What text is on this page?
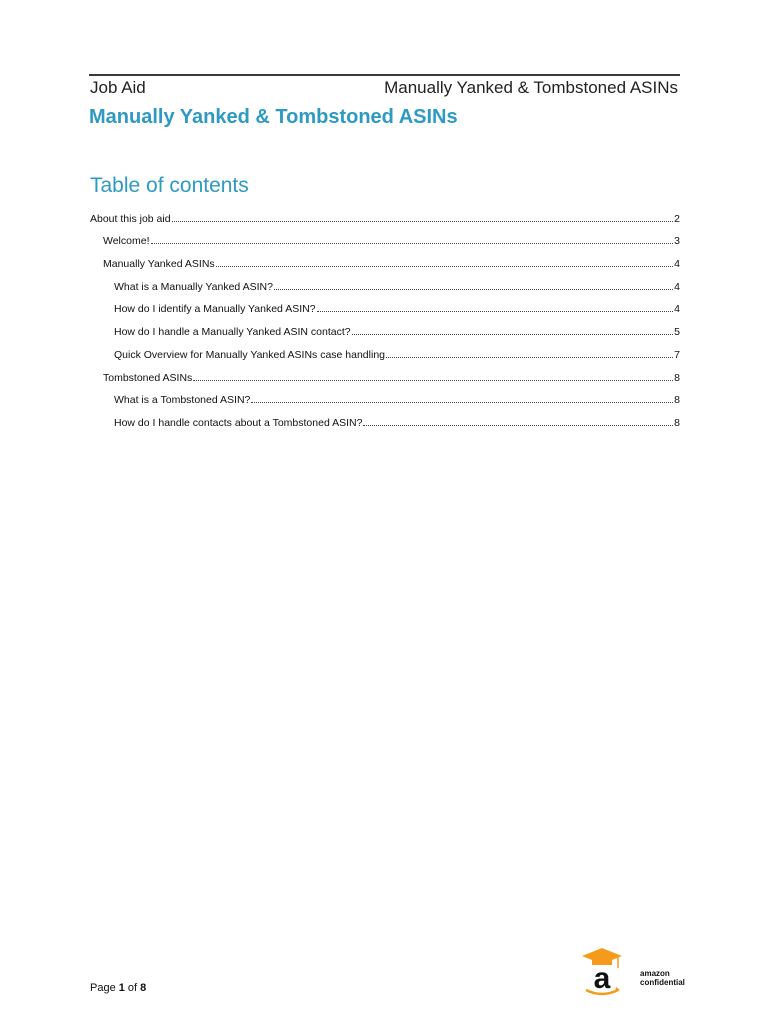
Job Aid	Manually Yanked & Tombstoned ASINs
Manually Yanked & Tombstoned ASINs
Table of contents
About this job aid	2
Welcome!	3
Manually Yanked ASINs	4
What is a Manually Yanked ASIN?	4
How do I identify a Manually Yanked ASIN?	4
How do I handle a Manually Yanked ASIN contact?	5
Quick Overview for Manually Yanked ASINs case handling	7
Tombstoned ASINs	8
What is a Tombstoned ASIN?	8
How do I handle contacts about a Tombstoned ASIN?	8
Page 1 of 8	a	amazon
confidential
